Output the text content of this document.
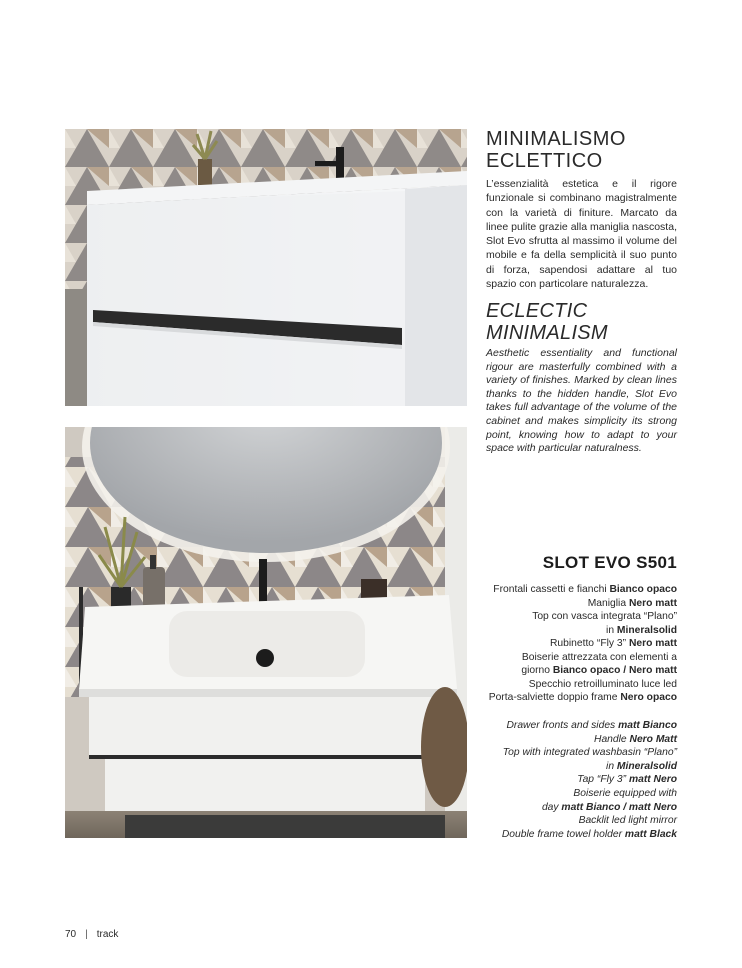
MINIMALISMO
ECLETTICO

L’essenzialità estetica e il rigore funzionale si combinano magistralmente con la varietà di finiture. Marcato da linee pulite grazie alla maniglia nascosta, Slot Evo sfrutta al massimo il volume del mobile e fa della semplicità il suo punto di forza, sapendosi adattare al tuo spazio con particolare naturalezza.

ECLECTIC
MINIMALISM

Aesthetic essentiality and functional rigour are masterfully combined with a variety of finishes. Marked by clean lines thanks to the hidden handle, Slot Evo takes full advantage of the volume of the cabinet and makes simplicity its strong point, knowing how to adapt to your space with particular naturalness.

SLOT EVO S501
Frontali cassetti e fianchi Bianco opaco
Maniglia Nero matt
Top con vasca integrata “Plano”
in Mineralsolid
Rubinetto “Fly 3” Nero matt
Boiserie attrezzata con elementi a
giorno Bianco opaco / Nero matt
Specchio retroilluminato luce led
Porta-salviette doppio frame Nero opaco
Drawer fronts and sides matt Bianco
Handle Nero Matt
Top with integrated washbasin “Plano”
in Mineralsolid
Tap “Fly 3” matt Nero
Boiserie equipped with
day matt Bianco / matt Nero
Backlit led light mirror
Double frame towel holder matt Black
70 | track
